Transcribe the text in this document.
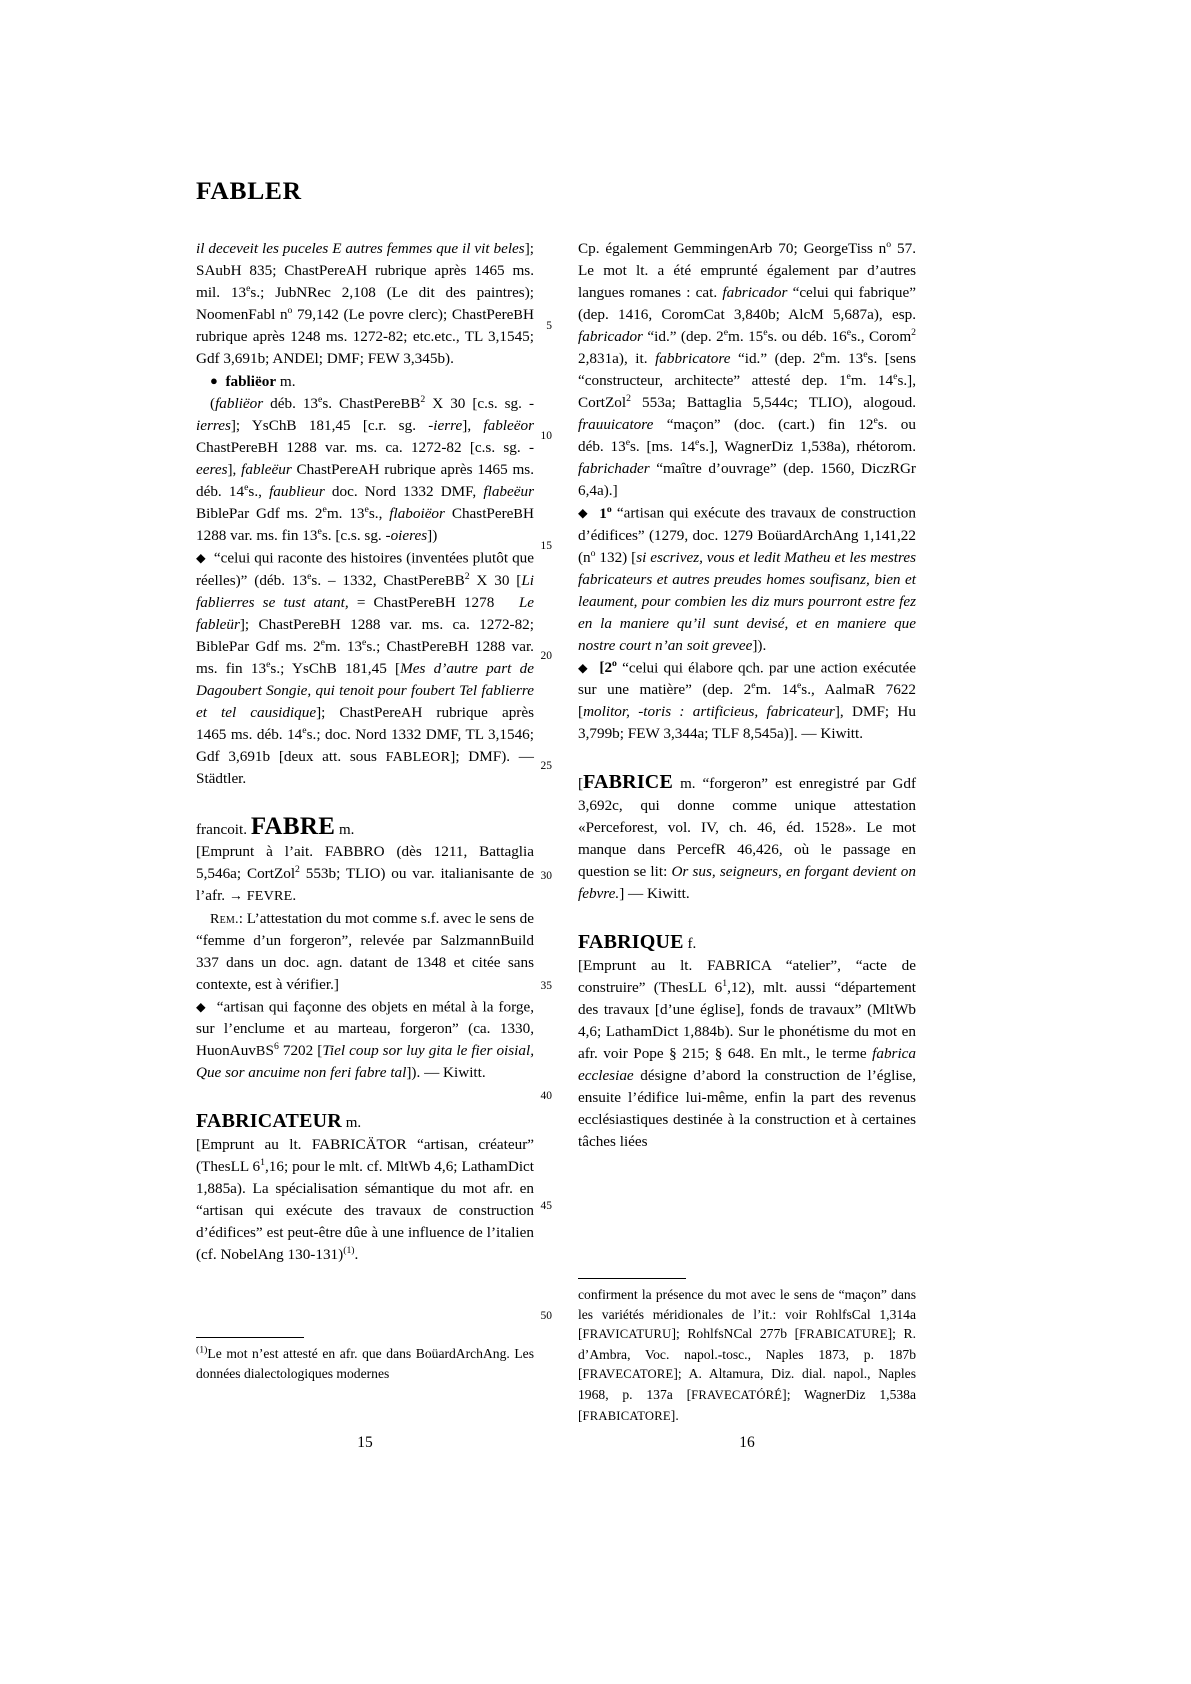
FABLER

il deceveit les puceles E autres femmes que il vit beles]; SAubH 835; ChastPereAH rubrique après 1465 ms. mil. 13es.; JubNRec 2,108 (Le dit des paintres); NoomenFabl $n^o$ 79,142 (Le povre clerc); ChastPereBH rubrique après 1248 ms. 1272-82; etc.etc., TL 3,1545; Gdf 3,691b; ANDEl; DMF; FEW 3,345b).

● fabliëor m.

(fabliëor déb. 13es. ChastPereBB$^2$ X 30 [c.s. sg. -ierres]; YsChB 181,45 [c.r. sg. -ierre], fableëor ChastPereBH 1288 var. ms. ca. 1272-82 [c.s. sg. -eeres], fableëur ChastPereAH rubrique après 1465 ms. déb. 14es., faublieur doc. Nord 1332 DMF, flabeëur BiblePar Gdf ms. 2em. 13es., flaboiëor ChastPereBH 1288 var. ms. fin 13es. [c.s. sg. -oieres])

◆  “celui qui raconte des histoires (inventées plutôt que réelles)” (déb. 13es. – 1332, ChastPereBB$^2$ X 30 [Li fablierres se tust atant, = ChastPereBH 1278   Le fableür]; ChastPereBH 1288 var. ms. ca. 1272-82; BiblePar Gdf ms. 2em. 13es.; ChastPereBH 1288 var. ms. fin 13es.; YsChB 181,45 [Mes d’autre part de Dagoubert Songie, qui tenoit pour foubert Tel fablierre et tel causidique]; ChastPereAH rubrique après 1465 ms. déb. 14es.; doc. Nord 1332 DMF, TL 3,1546; Gdf 3,691b [deux att. sous FABLEOR]; DMF). — Städtler.

francoit. FABRE m.

[Emprunt à l’ait. FABBRO (dès 1211, Battaglia 5,546a; CortZol$^2$ 553b; TLIO) ou var. italianisante de l’afr. → FEVRE.

Rem.: L’attestation du mot comme s.f. avec le sens de “femme d’un forgeron”, relevée par SalzmannBuild 337 dans un doc. agn. datant de 1348 et citée sans contexte, est à vérifier.]

◆  “artisan qui façonne des objets en métal à la forge, sur l’enclume et au marteau, forgeron” (ca. 1330, HuonAuvBS$^6$ 7202 [Tiel coup sor luy gita le fier oisial, Que sor ancuime non feri fabre tal]). — Kiwitt.

FABRICATEUR m.

[Emprunt au lt. FABRICÄTOR “artisan, créateur” (ThesLL $6^1,16$; pour le mlt. cf. MltWb 4,6; LathamDict 1,885a). La spécialisation sémantique du mot afr. en “artisan qui exécute des travaux de construction d’édifices” est peut-être dûe à une influence de l’italien (cf. NobelAng 130-131)$^{(1)}$.

$^{(1)}$Le mot n’est attesté en afr. que dans BoüardArchAng. Les données dialectologiques modernes

15

Cp. également GemmingenArb 70; GeorgeTiss $n^o$ 57. Le mot lt. a été emprunté également par d’autres langues romanes : cat. fabricador “celui qui fabrique” (dep. 1416, CoromCat 3,840b; AlcM 5,687a), esp. fabricador “id.” (dep. 2em. 15es. ou déb. 16es., Corom$^2$ 2,831a), it. fabbricatore “id.” (dep. 2em. 13es. [sens “constructeur, architecte” attesté dep. 1em. 14es.], CortZol$^2$ 553a; Battaglia 5,544c; TLIO), alogoud. frauuicatore “maçon” (doc. (cart.) fin 12es. ou déb. 13es. [ms. 14es.], WagnerDiz 1,538a), rhétorom. fabrichader “maître d’ouvrage” (dep. 1560, DiczRGr 6,4a).]

◆ 1$^o$ “artisan qui exécute des travaux de construction d’édifices” (1279, doc. 1279 BoüardArchAng 1,141,22 ($n^o$ 132) [si escrivez, vous et ledit Matheu et les mestres fabricateurs et autres preudes homes soufisanz, bien et leaument, pour combien les diz murs pourront estre fez en la maniere qu’il sunt devisé, et en maniere que nostre court n’an soit grevee]).

◆ [2$^o$ “celui qui élabore qch. par une action exécutée sur une matière” (dep. 2em. 14es., AalmaR 7622 [molitor, -toris : artificieus, fabricateur], DMF; Hu 3,799b; FEW 3,344a; TLF 8,545a)]. — Kiwitt.

[FABRICE m. “forgeron” est enregistré par Gdf 3,692c, qui donne comme unique attestation «Perceforest, vol. IV, ch. 46, éd. 1528». Le mot manque dans PercefR 46,426, où le passage en question se lit: Or sus, seigneurs, en forgant devient on febvre.] — Kiwitt.

FABRIQUE f.

[Emprunt au lt. FABRICA “atelier”, “acte de construire” (ThesLL $6^1,12$), mlt. aussi “département des travaux [d’une église], fonds de travaux” (MltWb 4,6; LathamDict 1,884b). Sur le phonétisme du mot en afr. voir Pope § 215; § 648. En mlt., le terme fabrica ecclesiae désigne d’abord la construction de l’église, ensuite l’édifice lui-même, enfin la part des revenus ecclésiastiques destinée à la construction et à certaines tâches liées

confirment la présence du mot avec le sens de “maçon” dans les variétés méridionales de l’it.: voir RohlfsCal 1,314a [FRAVICATURU]; RohlfsNCal 277b [FRABICATURE]; R. d’Ambra, Voc. napol.-tosc., Naples 1873, p. 187b [FRAVECATORE]; A. Altamura, Diz. dial. napol., Naples 1968, p. 137a [FRAVECATÓRÉ]; WagnerDiz 1,538a [FRABICATORE].

16
5
10
15
20
25
30
35
40
45
50
